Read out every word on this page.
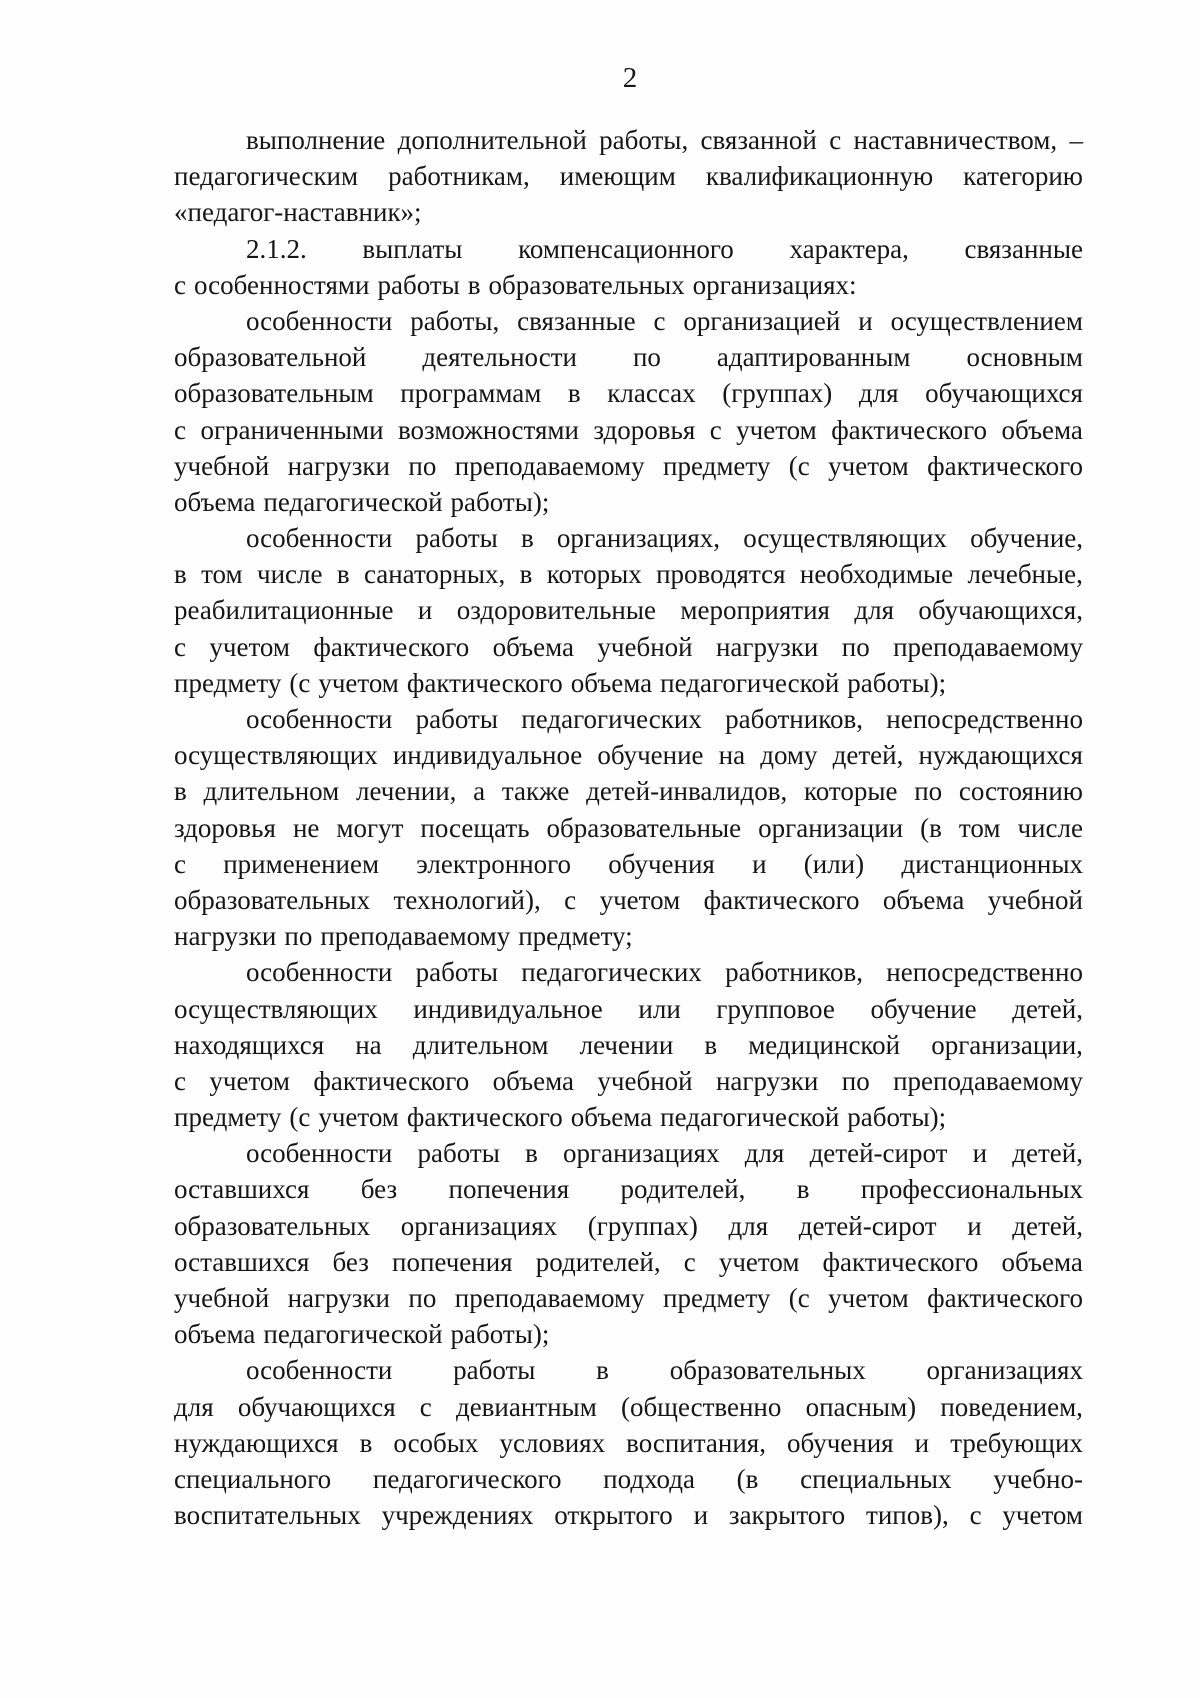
2
выполнение дополнительной работы, связанной с наставничеством, –
педагогическим работникам, имеющим квалификационную категорию
«педагог-наставник»;
2.1.2. выплаты компенсационного характера, связанные
с особенностями работы в образовательных организациях:
особенности работы, связанные с организацией и осуществлением
образовательной деятельности по адаптированным основным
образовательным программам в классах (группах) для обучающихся
с ограниченными возможностями здоровья с учетом фактического объема
учебной нагрузки по преподаваемому предмету (с учетом фактического
объема педагогической работы);
особенности работы в организациях, осуществляющих обучение,
в том числе в санаторных, в которых проводятся необходимые лечебные,
реабилитационные и оздоровительные мероприятия для обучающихся,
с учетом фактического объема учебной нагрузки по преподаваемому
предмету (с учетом фактического объема педагогической работы);
особенности работы педагогических работников, непосредственно
осуществляющих индивидуальное обучение на дому детей, нуждающихся
в длительном лечении, а также детей-инвалидов, которые по состоянию
здоровья не могут посещать образовательные организации (в том числе
с применением электронного обучения и (или) дистанционных
образовательных технологий), с учетом фактического объема учебной
нагрузки по преподаваемому предмету;
особенности работы педагогических работников, непосредственно
осуществляющих индивидуальное или групповое обучение детей,
находящихся на длительном лечении в медицинской организации,
с учетом фактического объема учебной нагрузки по преподаваемому
предмету (с учетом фактического объема педагогической работы);
особенности работы в организациях для детей-сирот и детей,
оставшихся без попечения родителей, в профессиональных
образовательных организациях (группах) для детей-сирот и детей,
оставшихся без попечения родителей, с учетом фактического объема
учебной нагрузки по преподаваемому предмету (с учетом фактического
объема педагогической работы);
особенности работы в образовательных организациях
для обучающихся с девиантным (общественно опасным) поведением,
нуждающихся в особых условиях воспитания, обучения и требующих
специального педагогического подхода (в специальных учебно-
воспитательных учреждениях открытого и закрытого типов), с учетом
